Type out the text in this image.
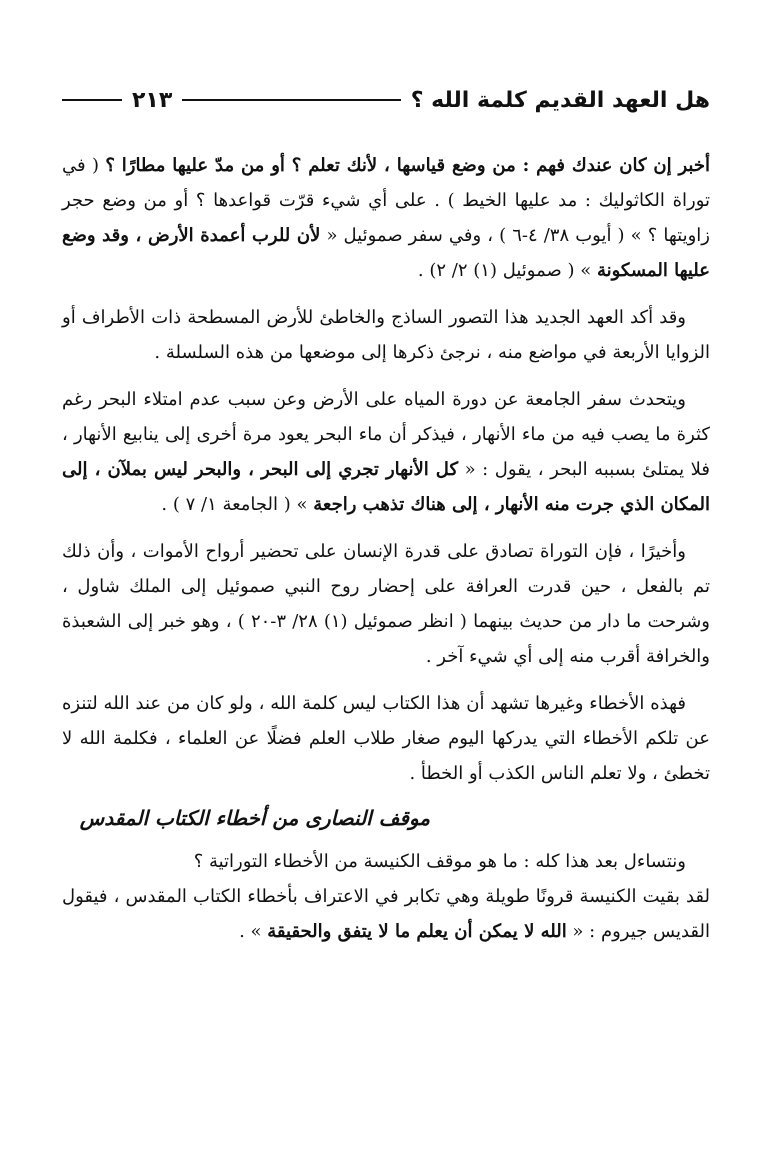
هل العهد القديم كلمة الله ؟
٢١٣

أخبر إن كان عندك فهم : من وضع قياسها ، لأنك تعلم ؟ أو من مدّ عليها مطارًا ؟ ( في توراة الكاثوليك : مد عليها الخيط ) . على أي شيء قرّت قواعدها ؟ أو من وضع حجر زاويتها ؟ » ( أيوب ٣٨/ ٤-٦ ) ، وفي سفر صموئيل « لأن للرب أعمدة الأرض ، وقد وضع عليها المسكونة » ( صموئيل (١) ٢/ ٢) .

وقد أكد العهد الجديد هذا التصور الساذج والخاطئ للأرض المسطحة ذات الأطراف أو الزوايا الأربعة في مواضع منه ، نرجئ ذكرها إلى موضعها من هذه السلسلة .

ويتحدث سفر الجامعة عن دورة المياه على الأرض وعن سبب عدم امتلاء البحر رغم كثرة ما يصب فيه من ماء الأنهار ، فيذكر أن ماء البحر يعود مرة أخرى إلى ينابيع الأنهار ، فلا يمتلئ بسببه البحر ، يقول : « كل الأنهار تجري إلى البحر ، والبحر ليس بملآن ، إلى المكان الذي جرت منه الأنهار ، إلى هناك تذهب راجعة » ( الجامعة ١/ ٧ ) .

وأخيرًا ، فإن التوراة تصادق على قدرة الإنسان على تحضير أرواح الأموات ، وأن ذلك تم بالفعل ، حين قدرت العرافة على إحضار روح النبي صموئيل إلى الملك شاول ، وشرحت ما دار من حديث بينهما ( انظر صموئيل (١) ٢٨/ ٣-٢٠ ) ، وهو خبر إلى الشعبذة والخرافة أقرب منه إلى أي شيء آخر .

فهذه الأخطاء وغيرها تشهد أن هذا الكتاب ليس كلمة الله ، ولو كان من عند الله لتنزه عن تلكم الأخطاء التي يدركها اليوم صغار طلاب العلم فضلًا عن العلماء ، فكلمة الله لا تخطئ ، ولا تعلم الناس الكذب أو الخطأ .

موقف النصارى من أخطاء الكتاب المقدس

ونتساءل بعد هذا كله : ما هو موقف الكنيسة من الأخطاء التوراتية ؟

لقد بقيت الكنيسة قرونًا طويلة وهي تكابر في الاعتراف بأخطاء الكتاب المقدس ، فيقول القديس جيروم : « الله لا يمكن أن يعلم ما لا يتفق والحقيقة » .
